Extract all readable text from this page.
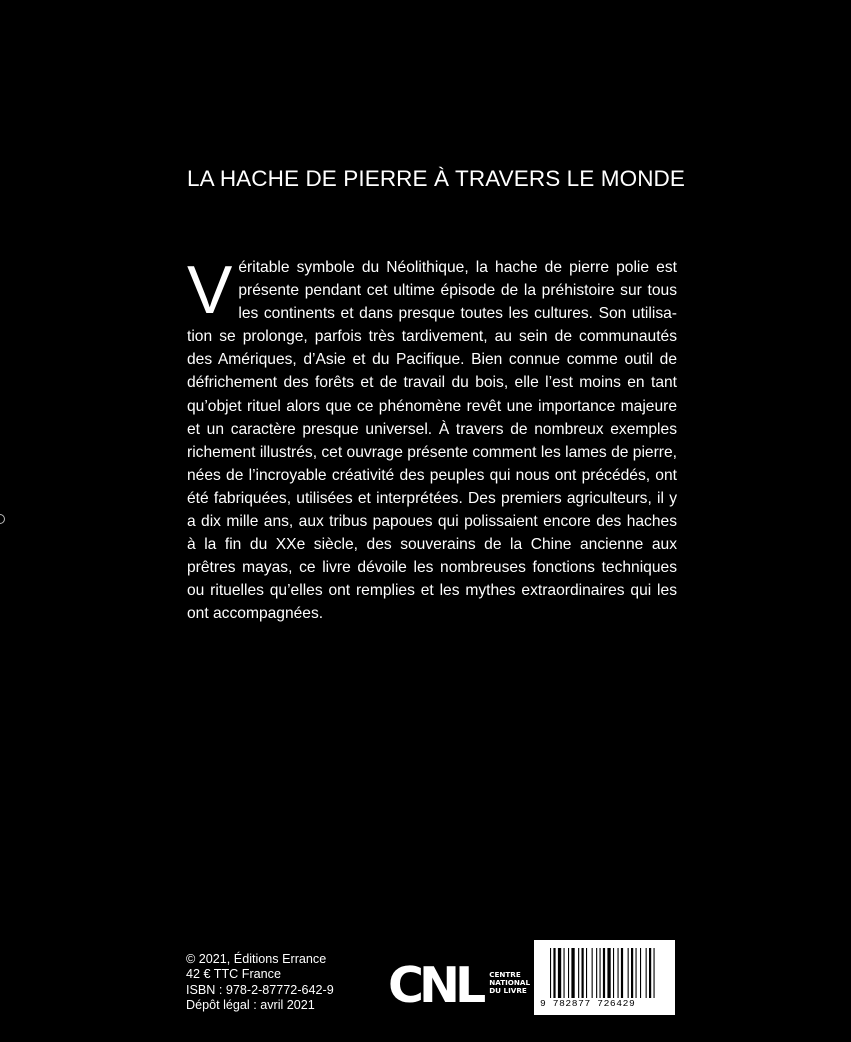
LA HACHE DE PIERRE À TRAVERS LE MONDE
V éritable symbole du Néolithique, la hache de pierre polie est présente pendant cet ultime épisode de la préhistoire sur tous les continents et dans presque toutes les cultures. Son utilisation se prolonge, parfois très tardivement, au sein de communautés des Amériques, d’Asie et du Pacifique. Bien connue comme outil de défrichement des forêts et de travail du bois, elle l’est moins en tant qu’objet rituel alors que ce phénomène revêt une importance majeure et un caractère presque universel. À travers de nombreux exemples richement illustrés, cet ouvrage présente comment les lames de pierre, nées de l’incroyable créativité des peuples qui nous ont précédés, ont été fabriquées, utilisées et interprétées. Des premiers agriculteurs, il y a dix mille ans, aux tribus papoues qui polissaient encore des haches à la fin du XXe siècle, des souverains de la Chine ancienne aux prêtres mayas, ce livre dévoile les nombreuses fonctions techniques ou rituelles qu’elles ont remplies et les mythes extraordinaires qui les ont accompagnées.
© 2021, Éditions Errance
42 € TTC France
ISBN : 978-2-87772-642-9
Dépôt légal : avril 2021	CNL CENTRE
NATIONAL
DU LIVRE
9 782877 726429
